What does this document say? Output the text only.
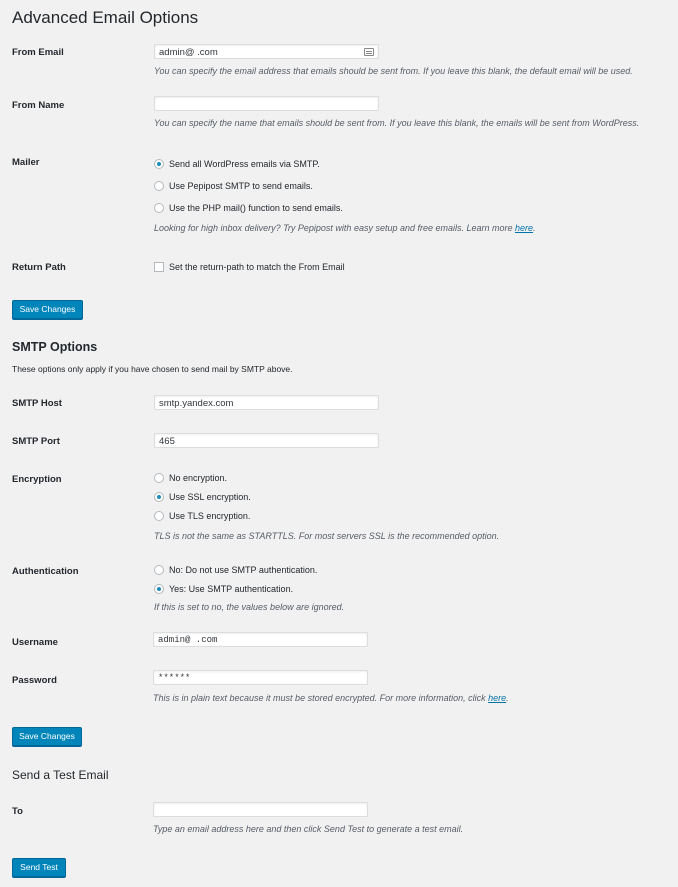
Advanced Email Options
From Email	admin@ .com
You can specify the email address that emails should be sent from. If you leave this blank, the default email will be used.
From Name
You can specify the name that emails should be sent from. If you leave this blank, the emails will be sent from WordPress.
Mailer	Send all WordPress emails via SMTP.
Use Pepipost SMTP to send emails.
Use the PHP mail() function to send emails.
Looking for high inbox delivery? Try Pepipost with easy setup and free emails. Learn more here.
Return Path	Set the return-path to match the From Email
Save Changes
SMTP Options
These options only apply if you have chosen to send mail by SMTP above.
SMTP Host	smtp.yandex.com
SMTP Port	465
Encryption	No encryption.
Use SSL encryption.
Use TLS encryption.
TLS is not the same as STARTTLS. For most servers SSL is the recommended option.
Authentication	No: Do not use SMTP authentication.
Yes: Use SMTP authentication.
If this is set to no, the values below are ignored.
Username	admin@ .com
Password	******
This is in plain text because it must be stored encrypted. For more information, click here.
Save Changes
Send a Test Email
To
Type an email address here and then click Send Test to generate a test email.
Send Test
